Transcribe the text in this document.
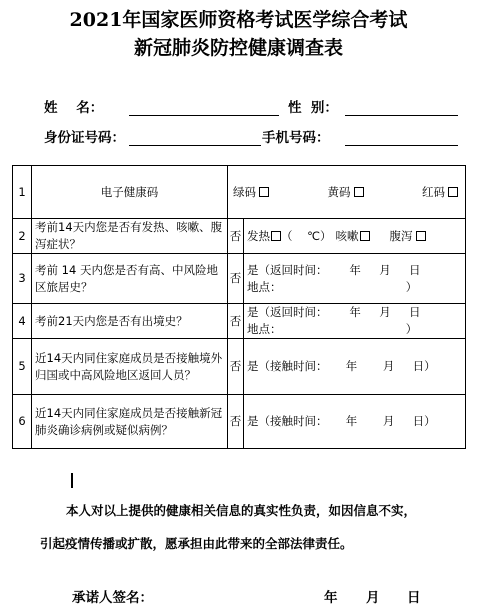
2021年国家医师资格考试医学综合考试
新冠肺炎防控健康调查表
姓    名：	性  别：
身份证号码：	手机号码：
1	电子健康码	绿码 黄码 红码	

2	考前14天内您是否有发热、咳嗽、腹泻症状？	否	发热 （    ℃） 咳嗽 腹泻
3	考前 14 天内您是否有高、中风险地区旅居史？	否	是（返回时间：      年     月     日
地点：                                  ）

4	考前21天内您是否有出境史？	否	是（返回时间：      年     月     日
地点：                                  ）

5	近14天内同住家庭成员是否接触境外归国或中高风险地区返回人员？	否	是（接触时间：     年       月     日）
6	近14天内同住家庭成员是否接触新冠肺炎确诊病例或疑似病例？	否	是（接触时间：     年       月     日）
本人对以上提供的健康相关信息的真实性负责，如因信息不实，
引起疫情传播或扩散，愿承担由此带来的全部法律责任。
承诺人签名：	年 月 日
